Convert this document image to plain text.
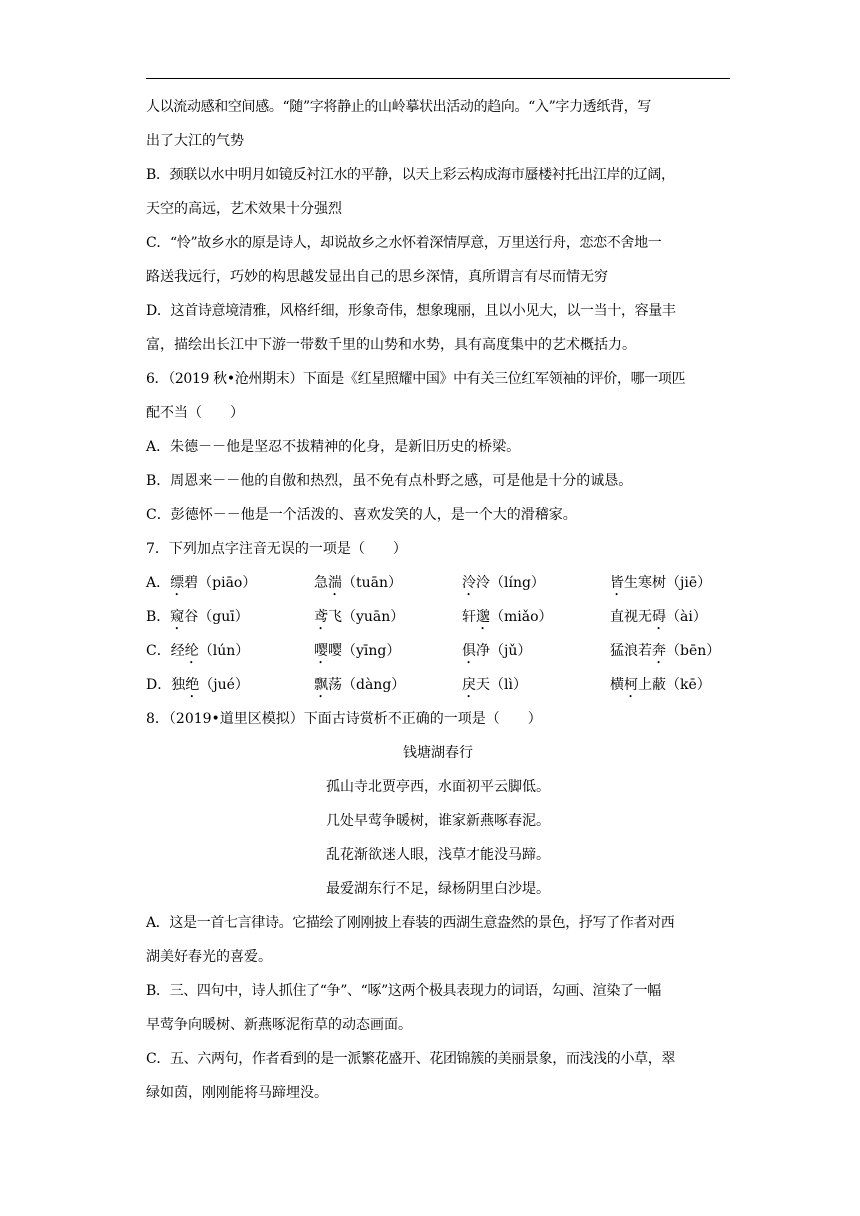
人以流动感和空间感。“随”字将静止的山岭摹状出活动的趋向。“入”字力透纸背，写
出了大江的气势
B．颈联以水中明月如镜反衬江水的平静，以天上彩云构成海市蜃楼衬托出江岸的辽阔，
天空的高远，艺术效果十分强烈
C．“怜”故乡水的原是诗人，却说故乡之水怀着深情厚意，万里送行舟，恋恋不舍地一
路送我远行，巧妙的构思越发显出自己的思乡深情，真所谓言有尽而情无穷
D．这首诗意境清雅，风格纤细，形象奇伟，想象瑰丽，且以小见大，以一当十，容量丰
富，描绘出长江中下游一带数千里的山势和水势，具有高度集中的艺术概括力。
6．（2019 秋•沧州期末）下面是《红星照耀中国》中有关三位红军领袖的评价，哪一项匹
配不当（　　）
A．朱德－－他是坚忍不拔精神的化身，是新旧历史的桥梁。
B．周恩来－－他的自傲和热烈，虽不免有点朴野之感，可是他是十分的诚恳。
C．彭德怀－－他是一个活泼的、喜欢发笑的人，是一个大的滑稽家。
7．下列加点字注音无误的一项是（　　）
A．缥碧（piāo）	急湍（tuān）	泠泠（líng）	皆生寒树（jiē）
B．窥谷（guī）	鸢飞（yuān）	轩邈（miǎo）	直视无碍（ài）
C．经纶（lún）	嘤嘤（yīng）	俱净（jǔ）	猛浪若奔（bēn）
D．独绝（jué）	飘荡（dàng）	戾天（lì）	横柯上蔽（kē）
8．（2019•道里区模拟）下面古诗赏析不正确的一项是（　　）
钱塘湖春行
孤山寺北贾亭西，水面初平云脚低。
几处早莺争暖树，谁家新燕啄春泥。
乱花渐欲迷人眼，浅草才能没马蹄。
最爱湖东行不足，绿杨阴里白沙堤。
A．这是一首七言律诗。它描绘了刚刚披上春装的西湖生意盎然的景色，抒写了作者对西
湖美好春光的喜爱。
B．三、四句中，诗人抓住了“争”、“啄”这两个极具表现力的词语，勾画、渲染了一幅
早莺争向暖树、新燕啄泥衔草的动态画面。
C．五、六两句，作者看到的是一派繁花盛开、花团锦簇的美丽景象，而浅浅的小草，翠
绿如茵，刚刚能将马蹄埋没。
